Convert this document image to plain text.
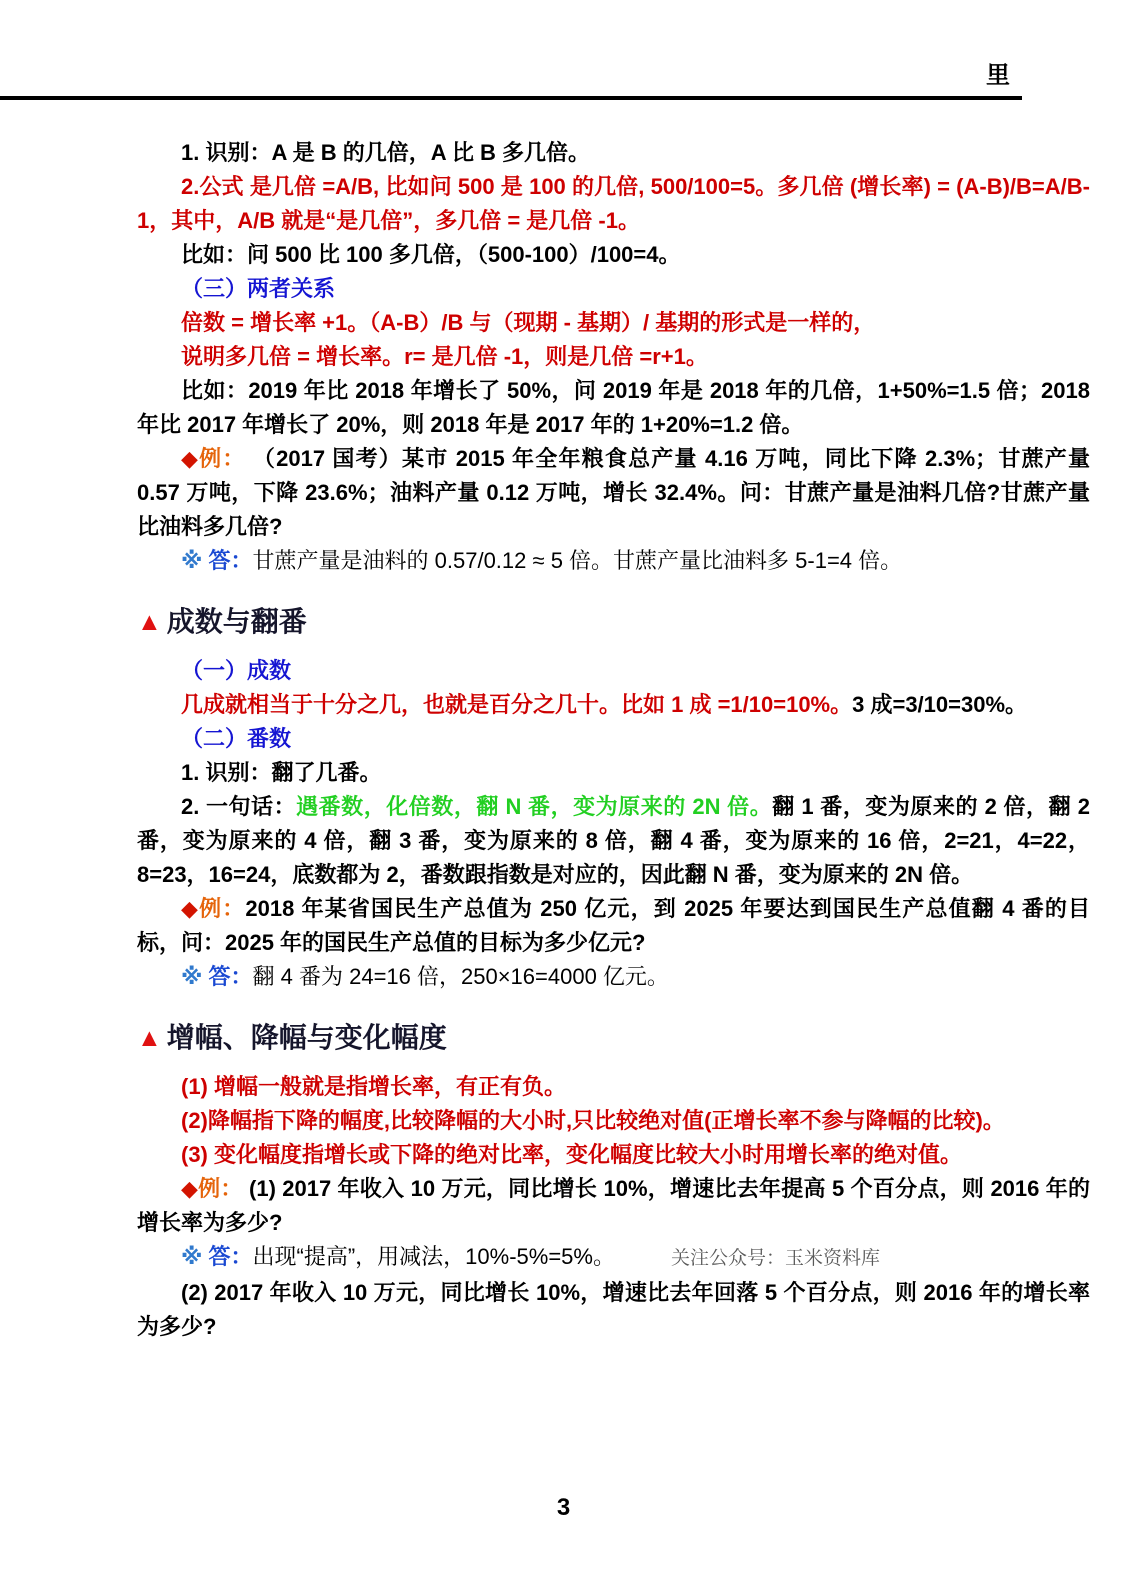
里

1. 识别：A 是 B 的几倍，A 比 B 多几倍。

2.公式 是几倍 =A/B, 比如问 500 是 100 的几倍, 500/100=5。多几倍 (增长率) = (A-B)/B=A/B-1，其中，A/B 就是“是几倍”，多几倍 = 是几倍 -1。

比如：问 500 比 100 多几倍，（500-100）/100=4。

（三）两者关系

倍数 = 增长率 +1。（A-B）/B 与（现期 - 基期）/ 基期的形式是一样的，

说明多几倍 = 增长率。r= 是几倍 -1，则是几倍 =r+1。

比如：2019 年比 2018 年增长了 50%，问 2019 年是 2018 年的几倍，1+50%=1.5 倍；2018 年比 2017 年增长了 20%，则 2018 年是 2017 年的 1+20%=1.2 倍。

◆例： （2017 国考）某市 2015 年全年粮食总产量 4.16 万吨，同比下降 2.3%；甘蔗产量 0.57 万吨，下降 23.6%；油料产量 0.12 万吨，增长 32.4%。问：甘蔗产量是油料几倍?甘蔗产量比油料多几倍?

※ 答：甘蔗产量是油料的 0.57/0.12 ≈ 5 倍。甘蔗产量比油料多 5-1=4 倍。

▲ 成数与翻番

（一）成数

几成就相当于十分之几，也就是百分之几十。比如 1 成 =1/10=10%。3 成=3/10=30%。

（二）番数

1. 识别：翻了几番。

2. 一句话：遇番数，化倍数，翻 N 番，变为原来的 2N 倍。翻 1 番，变为原来的 2 倍，翻 2 番，变为原来的 4 倍，翻 3 番，变为原来的 8 倍，翻 4 番，变为原来的 16 倍，2=21，4=22，8=23，16=24，底数都为 2，番数跟指数是对应的，因此翻 N 番，变为原来的 2N 倍。

◆例：2018 年某省国民生产总值为 250 亿元，到 2025 年要达到国民生产总值翻 4 番的目标，问：2025 年的国民生产总值的目标为多少亿元?

※ 答：翻 4 番为 24=16 倍，250×16=4000 亿元。

▲ 增幅、降幅与变化幅度

(1) 增幅一般就是指增长率，有正有负。

(2)降幅指下降的幅度,比较降幅的大小时,只比较绝对值(正增长率不参与降幅的比较)。

(3) 变化幅度指增长或下降的绝对比率，变化幅度比较大小时用增长率的绝对值。

◆例： (1) 2017 年收入 10 万元，同比增长 10%，增速比去年提高 5 个百分点，则 2016 年的增长率为多少?

※ 答：出现“提高”，用减法，10%-5%=5%。	关注公众号：玉米资料库

(2) 2017 年收入 10 万元，同比增长 10%，增速比去年回落 5 个百分点，则 2016 年的增长率为多少?

3
